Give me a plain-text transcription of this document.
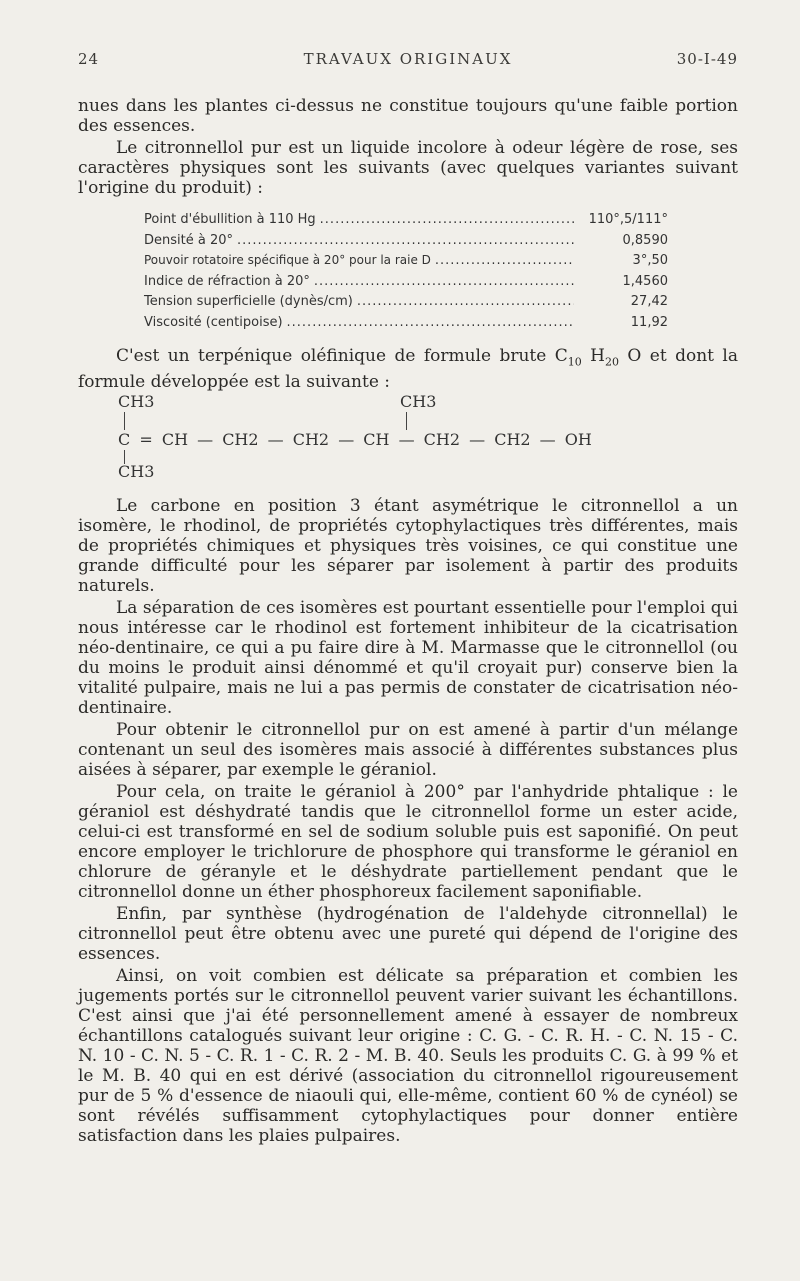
24	TRAVAUX ORIGINAUX	30-I-49

nues dans les plantes ci-dessus ne constitue toujours qu'une faible portion des essences.

Le citronnellol pur est un liquide incolore à odeur légère de rose, ses caractères physiques sont les suivants (avec quelques variantes suivant l'origine du produit) :

Point d'ébullition à 110 Hg .....	110°,5/111°
Densité à 20° .....	0,8590
Pouvoir rotatoire spécifique à 20° pour la raie D .....	3°,50
Indice de réfraction à 20° .....	1,4560
Tension superficielle (dynès/cm) .....	27,42
Viscosité (centipoise) .....	11,92

C'est un terpénique oléfinique de formule brute $C_{10}$ $H_{20}$ O et dont la formule développée est la suivante :

CH3	CH3
C = CH — CH2 — CH2 — CH — CH2 — CH2 — OH
CH3

Le carbone en position 3 étant asymétrique le citronnellol a un isomère, le rhodinol, de propriétés cytophylactiques très différentes, mais de propriétés chimiques et physiques très voisines, ce qui constitue une grande difficulté pour les séparer par isolement à partir des produits naturels.

La séparation de ces isomères est pourtant essentielle pour l'emploi qui nous intéresse car le rhodinol est fortement inhibiteur de la cicatrisation néo-dentinaire, ce qui a pu faire dire à M. Marmasse que le citronnellol (ou du moins le produit ainsi dénommé et qu'il croyait pur) conserve bien la vitalité pulpaire, mais ne lui a pas permis de constater de cicatrisation néo-dentinaire.

Pour obtenir le citronnellol pur on est amené à partir d'un mélange contenant un seul des isomères mais associé à différentes substances plus aisées à séparer, par exemple le géraniol.

Pour cela, on traite le géraniol à 200° par l'anhydride phtalique : le géraniol est déshydraté tandis que le citronnellol forme un ester acide, celui-ci est transformé en sel de sodium soluble puis est saponifié. On peut encore employer le trichlorure de phosphore qui transforme le géraniol en chlorure de géranyle et le déshydrate partiellement pendant que le citronnellol donne un éther phosphoreux facilement saponifiable.

Enfin, par synthèse (hydrogénation de l'aldehyde citronnellal) le citronnellol peut être obtenu avec une pureté qui dépend de l'origine des essences.

Ainsi, on voit combien est délicate sa préparation et combien les jugements portés sur le citronnellol peuvent varier suivant les échantillons. C'est ainsi que j'ai été personnellement amené à essayer de nombreux échantillons catalogués suivant leur origine : C. G. - C. R. H. - C. N. 15 - C. N. 10 - C. N. 5 - C. R. 1 - C. R. 2 - M. B. 40. Seuls les produits C. G. à 99 % et le M. B. 40 qui en est dérivé (association du citronnellol rigoureusement pur de 5 % d'essence de niaouli qui, elle-même, contient 60 % de cynéol) se sont révélés suffisamment cytophylactiques pour donner entière satisfaction dans les plaies pulpaires.
